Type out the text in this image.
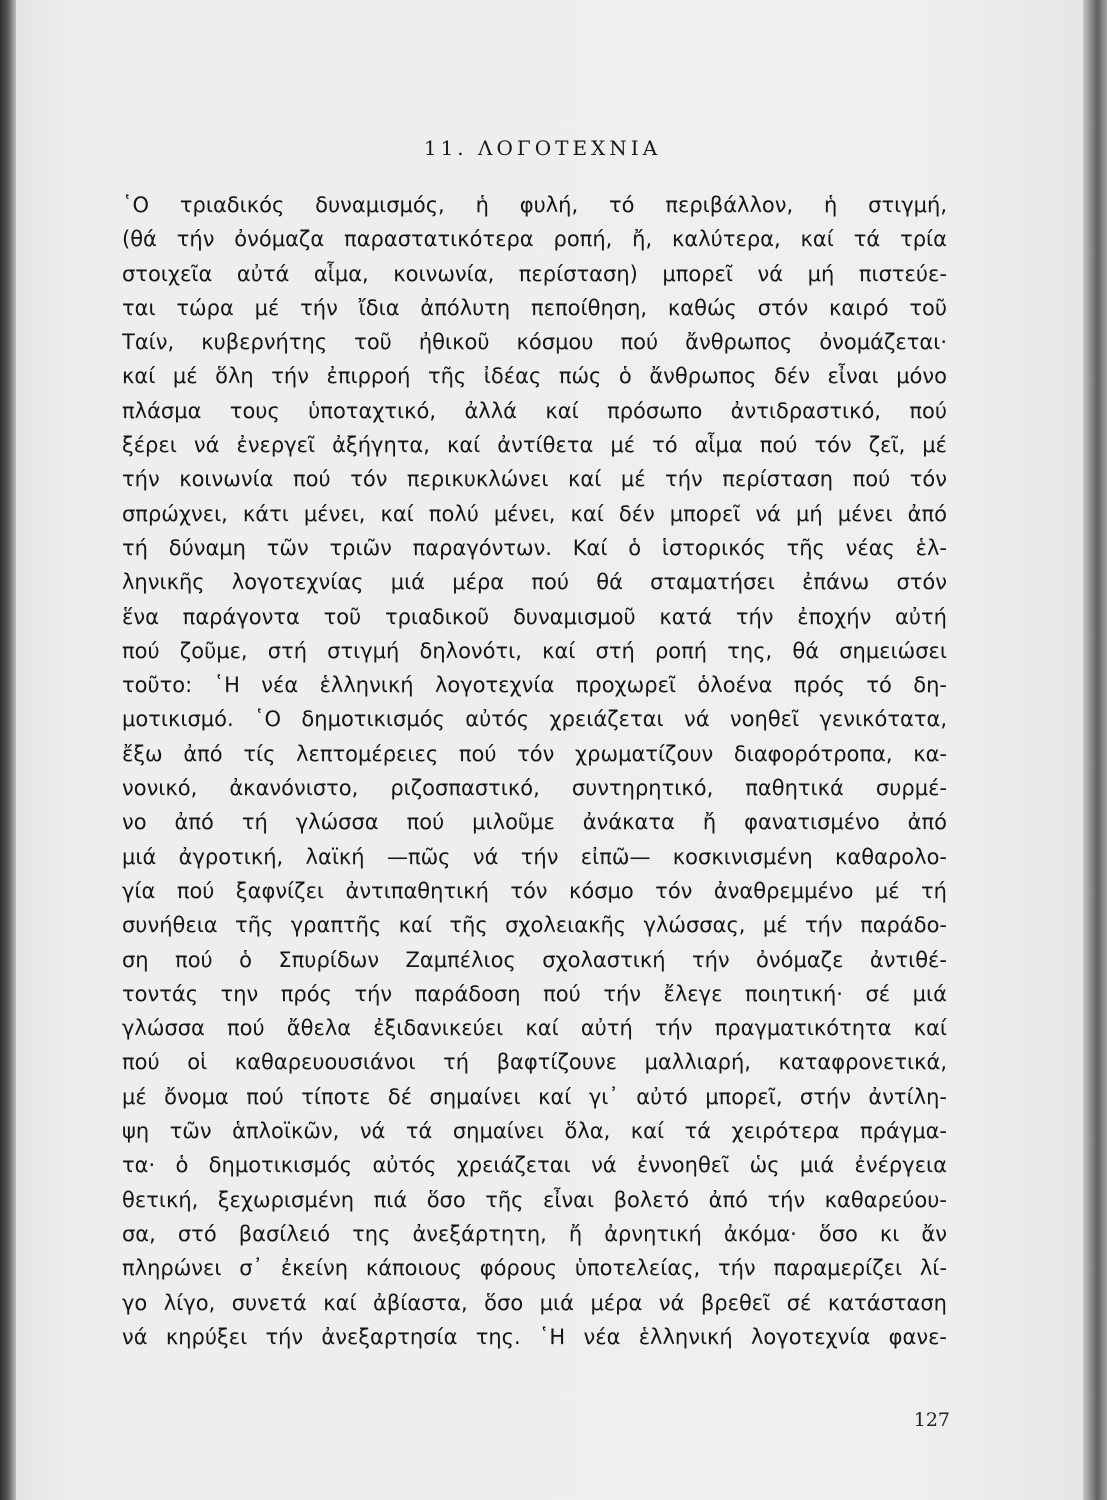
11. ΛΟΓΟΤΕΧΝΙΑ
῾Ο τριαδικός δυναμισμός, ἡ φυλή, τό περιβάλλον, ἡ στιγμή,
(θά τήν ὀνόμαζα παραστατικότερα ροπή, ἤ, καλύτερα, καί τά τρία
στοιχεῖα αὐτά αἷμα, κοινωνία, περίσταση) μπορεῖ νά μή πιστεύε-
ται τώρα μέ τήν ἴδια ἀπόλυτη πεποίθηση, καθώς στόν καιρό τοῦ
Ταίν, κυβερνήτης τοῦ ἠθικοῦ κόσμου πού ἄνθρωπος ὀνομάζεται·
καί μέ ὅλη τήν ἐπιρροή τῆς ἰδέας πώς ὁ ἄνθρωπος δέν εἶναι μόνο
πλάσμα τους ὑποταχτικό, ἀλλά καί πρόσωπο ἀντιδραστικό, πού
ξέρει νά ἐνεργεῖ ἀξήγητα, καί ἀντίθετα μέ τό αἷμα πού τόν ζεῖ, μέ
τήν κοινωνία πού τόν περικυκλώνει καί μέ τήν περίσταση πού τόν
σπρώχνει, κάτι μένει, καί πολύ μένει, καί δέν μπορεῖ νά μή μένει ἀπό
τή δύναμη τῶν τριῶν παραγόντων. Καί ὁ ἱστορικός τῆς νέας ἑλ-
ληνικῆς λογοτεχνίας μιά μέρα πού θά σταματήσει ἐπάνω στόν
ἕνα παράγοντα τοῦ τριαδικοῦ δυναμισμοῦ κατά τήν ἐποχήν αὐτή
πού ζοῦμε, στή στιγμή δηλονότι, καί στή ροπή της, θά σημειώσει
τοῦτο: ῾Η νέα ἑλληνική λογοτεχνία προχωρεῖ ὁλοένα πρός τό δη-
μοτικισμό. ῾Ο δημοτικισμός αὐτός χρειάζεται νά νοηθεῖ γενικότατα,
ἔξω ἀπό τίς λεπτομέρειες πού τόν χρωματίζουν διαφορότροπα, κα-
νονικό, ἀκανόνιστο, ριζοσπαστικό, συντηρητικό, παθητικά συρμέ-
νο ἀπό τή γλώσσα πού μιλοῦμε ἀνάκατα ἤ φανατισμένο ἀπό
μιά ἀγροτική, λαϊκή —πῶς νά τήν εἰπῶ— κοσκινισμένη καθαρολο-
γία πού ξαφνίζει ἀντιπαθητική τόν κόσμο τόν ἀναθρεμμένο μέ τή
συνήθεια τῆς γραπτῆς καί τῆς σχολειακῆς γλώσσας, μέ τήν παράδο-
ση πού ὁ Σπυρίδων Ζαμπέλιος σχολαστική τήν ὀνόμαζε ἀντιθέ-
τοντάς την πρός τήν παράδοση πού τήν ἔλεγε ποιητική· σέ μιά
γλώσσα πού ἄθελα ἐξιδανικεύει καί αὐτή τήν πραγματικότητα καί
πού οἱ καθαρευουσιάνοι τή βαφτίζουνε μαλλιαρή, καταφρονετικά,
μέ ὄνομα πού τίποτε δέ σημαίνει καί γι᾿ αὐτό μπορεῖ, στήν ἀντίλη-
ψη τῶν ἁπλοϊκῶν, νά τά σημαίνει ὅλα, καί τά χειρότερα πράγμα-
τα· ὁ δημοτικισμός αὐτός χρειάζεται νά ἐννοηθεῖ ὡς μιά ἐνέργεια
θετική, ξεχωρισμένη πιά ὅσο τῆς εἶναι βολετό ἀπό τήν καθαρεύου-
σα, στό βασίλειό της ἀνεξάρτητη, ἤ ἀρνητική ἀκόμα· ὅσο κι ἄν
πληρώνει σ᾿ ἐκείνη κάποιους φόρους ὑποτελείας, τήν παραμερίζει λί-
γο λίγο, συνετά καί ἀβίαστα, ὅσο μιά μέρα νά βρεθεῖ σέ κατάσταση
νά κηρύξει τήν ἀνεξαρτησία της. ῾Η νέα ἑλληνική λογοτεχνία φανε-
127
